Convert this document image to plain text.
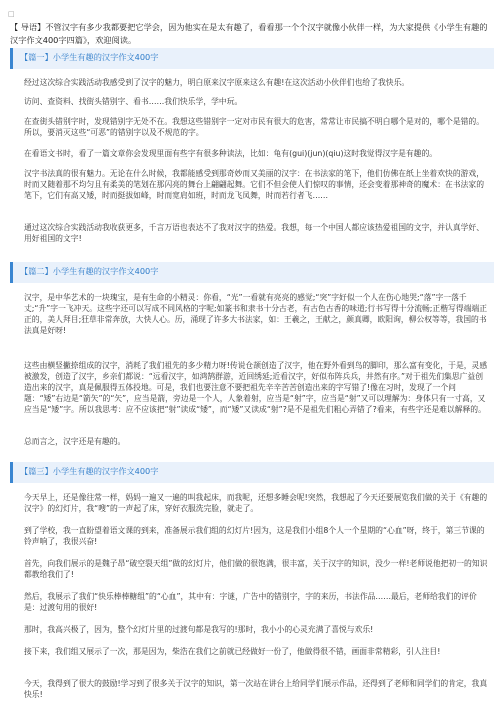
□
【 导语】不管汉字有多少我都要把它学会，因为他实在是太有趣了，看看那一个个汉字就像小伙伴一样，为大家提供《小学生有趣的汉字作文400字四篇》，欢迎阅读。
【篇一】小学生有趣的汉字作文400字

经过这次综合实践活动我感受到了汉字的魅力，明白原来汉字原来这么有趣!在这次活动小伙伴们也给了我快乐。

访问、查资料、找街头错别字、看书……我们快乐学，学中玩。

在查街头错别字时，发现错别字无处不在。我想这些错别字一定对市民有很大的危害，常常让市民搞不明白哪个是对的，哪个是错的。所以，要消灭这些“可恶”的错别字以及不规范的字。

在看语文书时，看了一篇文章你会发现里面有些字有很多种读法，比如：龟有(gui)(jun)(qiu)这时我觉得汉字是有趣的。

汉字书法真的很有魅力。无论在什么时候，我都能感受到那奇妙而又美丽的汉字：在书法家的笔下，他们仿佛在纸上坐着欢快的游戏，时而又随着那不均匀且有柔美的笔划在那闪亮的舞台上翩翩起舞。它们不但会使人们惊叹的事情，还会变着那神奇的魔术：在书法家的笔下，它们有高又矮，时而挺拔如峰，时而宽肩如班，时而龙飞凤舞，时而若行者飞……

通过这次综合实践活动我收获更多，千言万语也表达不了我对汉字的热爱。我想，每一个中国人都应该热爱祖国的文字，并认真学好、用好祖国的文字!

【篇二】小学生有趣的汉字作文400字

汉字，是中华艺术的一块瑰宝，是有生命的小精灵：你看，“光”一看就有亮亮的感觉;“突”字好似一个人在伤心地哭;“落”字一落千丈;“升”字一飞冲天。这些字还可以写成不同风格的字呢;如篆书和隶书十分古老，有古色古香的味道;行书写得十分流畅;正楷写得端端正正的，美人拜目;狂草非常奔放，大快人心。历，涌现了许多大书法家，如：王羲之，王献之，颜真卿，欧阳询，柳公权等等，我国的书法真是好呀!

这些由横竖撇捺组成的汉字，消耗了我们祖先的多少精力呀!传说仓颉创造了汉字，他在野外看到鸟的脚印，那么富有变化，于是，灵感被激发，创造了汉字，乡亲们都说：“远看汉字，如鸿鹄群游，近回绣延;近看汉字，好似布阵兵兵，井然有序。”对于祖先们集思广益创造出来的汉字，真是佩服得五体投地。可是，我们也要注意不要把祖先辛辛苦苦创造出来的字写错了!像在习时，发现了一个问题：“矮”右边是“箭矢”的“矢”，应当是箭，旁边是一个人，人象着射，应当是“射”字，应当是“射”又可以理解为：身体只有一寸高，又应当是“矮”字。所以我思考：应不应该把“射”读成“矮”，而“矮”又读成“射”?是不是祖先们粗心弄错了?看来，有些字还是难以解释的。

总而言之，汉字还是有趣的。

【篇三】小学生有趣的汉字作文400字

今天早上，还是像往常一样，妈妈一遍又一遍的叫我起床，而我呢，还想多睡会呢!突然，我想起了今天还要展览我们做的关于《有趣的汉字》的幻灯片，我“嗖”的一声起了床，穿好衣服洗完脸，就走了。

到了学校，我一直盼望着语文课的到来，准备展示我们组的幻灯片!因为，这是我们小组8个人一个星期的“心血”呀，终于，第三节课的铃声响了，我很兴奋!

首先，向我们展示的是魏子昂“破空裂天组”做的幻灯片，他们做的很饱满，很丰富，关于汉字的知识，没少一样!老师说他把初一的知识都教给我们了!

然后，我展示了我们“快乐棒棒糖组”的“心血”，其中有：字谜，广告中的错别字，字的来历，书法作品……最后，老师给我们的评价是：过渡句用的很好!

那时，我高兴极了，因为，整个幻灯片里的过渡句都是我写的!那时，我小小的心灵充满了喜悦与欢乐!

接下来，我们组又展示了一次，那是因为，柴浩在我们之前就已经做好一份了，他做得很不错，画面非常精彩，引人注目!

今天，我得到了很大的鼓励!学习到了很多关于汉字的知识，第一次站在讲台上给同学们展示作品，还得到了老师和同学们的肯定，我真快乐!
